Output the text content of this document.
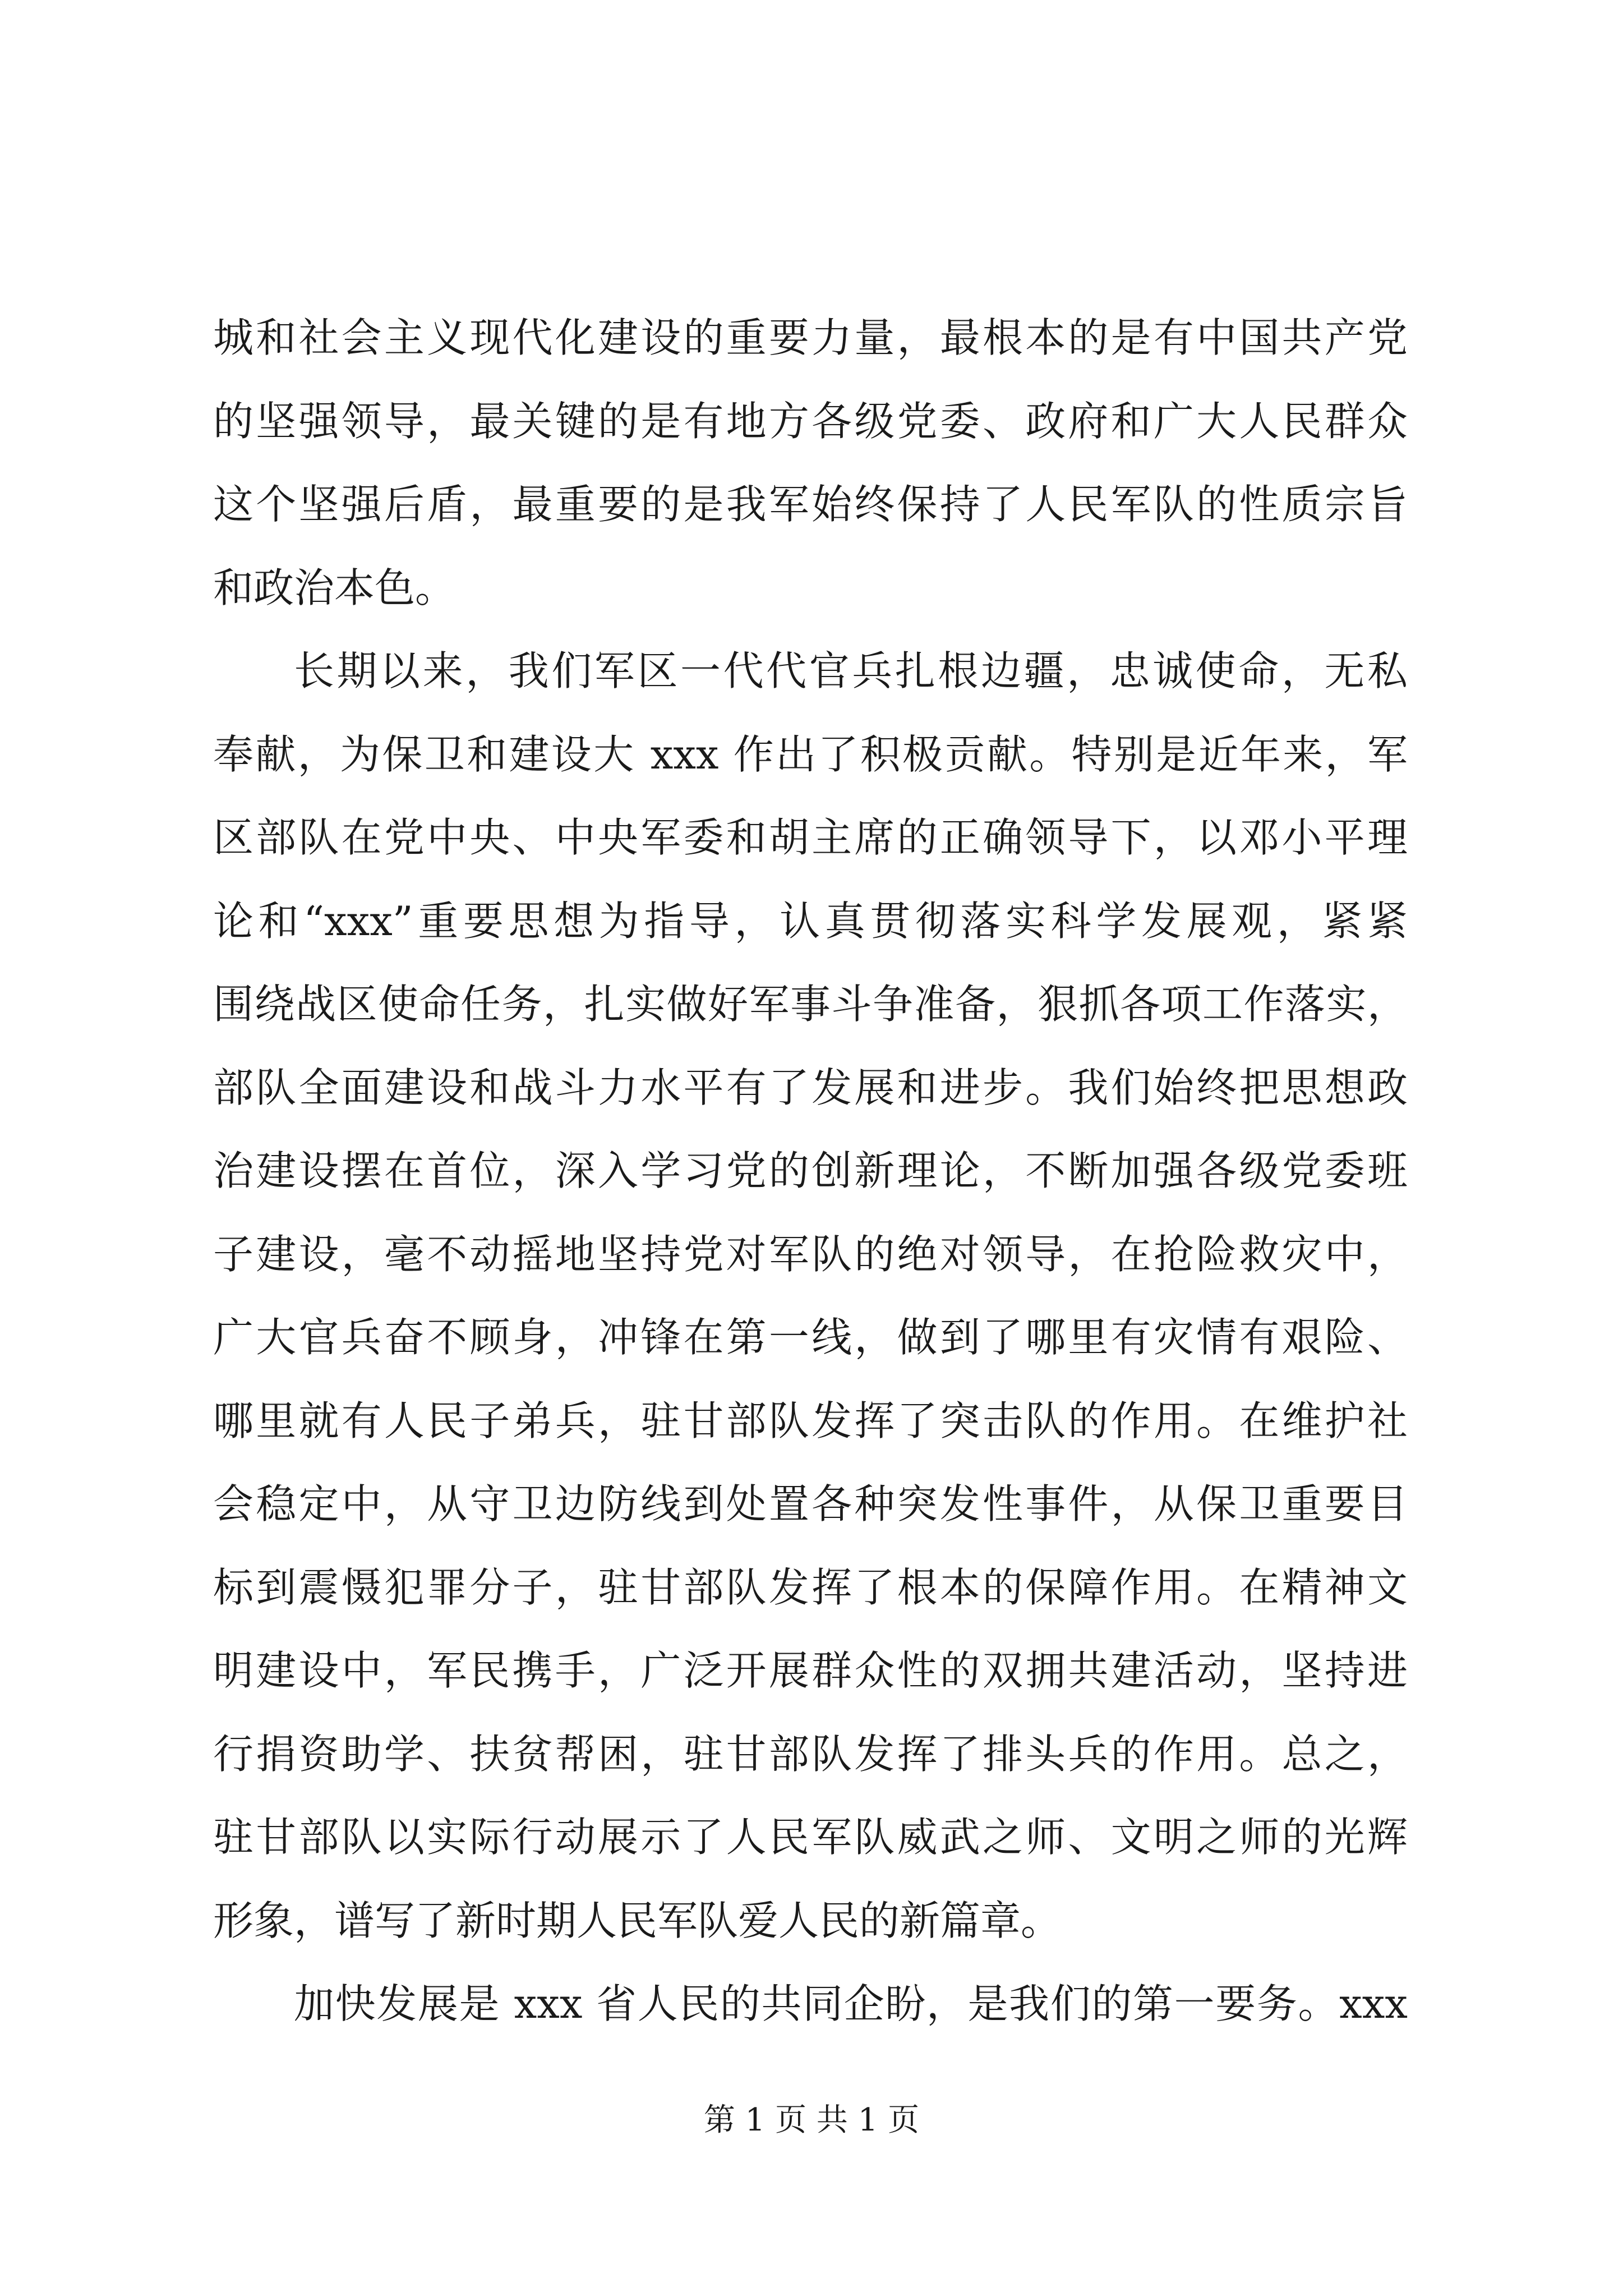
城和社会主义现代化建设的重要力量，最根本的是有中国共产党
的坚强领导，最关键的是有地方各级党委、政府和广大人民群众
这个坚强后盾，最重要的是我军始终保持了人民军队的性质宗旨
和政治本色。
长期以来，我们军区一代代官兵扎根边疆，忠诚使命，无私
奉献，为保卫和建设大 xxx 作出了积极贡献。特别是近年来，军
区部队在党中央、中央军委和胡主席的正确领导下，以邓小平理
论和“xxx”重要思想为指导，认真贯彻落实科学发展观，紧紧
围绕战区使命任务，扎实做好军事斗争准备，狠抓各项工作落实，
部队全面建设和战斗力水平有了发展和进步。我们始终把思想政
治建设摆在首位，深入学习党的创新理论，不断加强各级党委班
子建设，毫不动摇地坚持党对军队的绝对领导，在抢险救灾中，
广大官兵奋不顾身，冲锋在第一线，做到了哪里有灾情有艰险、
哪里就有人民子弟兵，驻甘部队发挥了突击队的作用。在维护社
会稳定中，从守卫边防线到处置各种突发性事件，从保卫重要目
标到震慑犯罪分子，驻甘部队发挥了根本的保障作用。在精神文
明建设中，军民携手，广泛开展群众性的双拥共建活动，坚持进
行捐资助学、扶贫帮困，驻甘部队发挥了排头兵的作用。总之，
驻甘部队以实际行动展示了人民军队威武之师、文明之师的光辉
形象，谱写了新时期人民军队爱人民的新篇章。
加快发展是 xxx 省人民的共同企盼，是我们的第一要务。xxx
第 1 页 共 1 页
